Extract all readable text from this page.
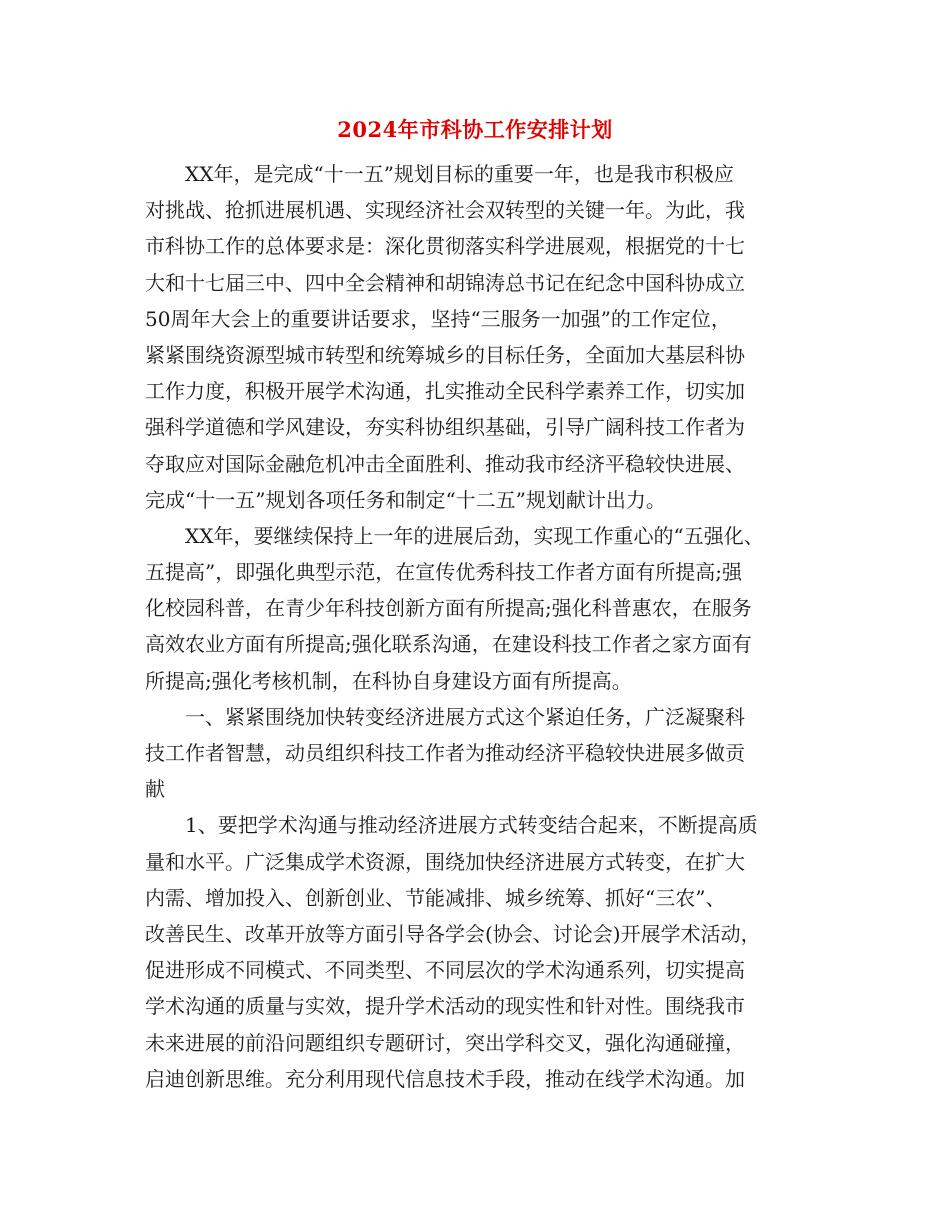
2024年市科协工作安排计划

XX年，是完成“十一五”规划目标的重要一年，也是我市积极应
对挑战、抢抓进展机遇、实现经济社会双转型的关键一年。为此，我
市科协工作的总体要求是：深化贯彻落实科学进展观，根据党的十七
大和十七届三中、四中全会精神和胡锦涛总书记在纪念中国科协成立
50周年大会上的重要讲话要求，坚持“三服务一加强”的工作定位，
紧紧围绕资源型城市转型和统筹城乡的目标任务，全面加大基层科协
工作力度，积极开展学术沟通，扎实推动全民科学素养工作，切实加
强科学道德和学风建设，夯实科协组织基础，引导广阔科技工作者为
夺取应对国际金融危机冲击全面胜利、推动我市经济平稳较快进展、
完成“十一五”规划各项任务和制定“十二五”规划献计出力。

XX年，要继续保持上一年的进展后劲，实现工作重心的“五强化、
五提高”，即强化典型示范，在宣传优秀科技工作者方面有所提高;强
化校园科普，在青少年科技创新方面有所提高;强化科普惠农，在服务
高效农业方面有所提高;强化联系沟通，在建设科技工作者之家方面有
所提高;强化考核机制，在科协自身建设方面有所提高。

一、紧紧围绕加快转变经济进展方式这个紧迫任务，广泛凝聚科
技工作者智慧，动员组织科技工作者为推动经济平稳较快进展多做贡
献

1、要把学术沟通与推动经济进展方式转变结合起来，不断提高质
量和水平。广泛集成学术资源，围绕加快经济进展方式转变，在扩大
内需、增加投入、创新创业、节能减排、城乡统筹、抓好“三农”、
改善民生、改革开放等方面引导各学会(协会、讨论会)开展学术活动，
促进形成不同模式、不同类型、不同层次的学术沟通系列，切实提高
学术沟通的质量与实效，提升学术活动的现实性和针对性。围绕我市
未来进展的前沿问题组织专题研讨，突出学科交叉，强化沟通碰撞，
启迪创新思维。充分利用现代信息技术手段，推动在线学术沟通。加
